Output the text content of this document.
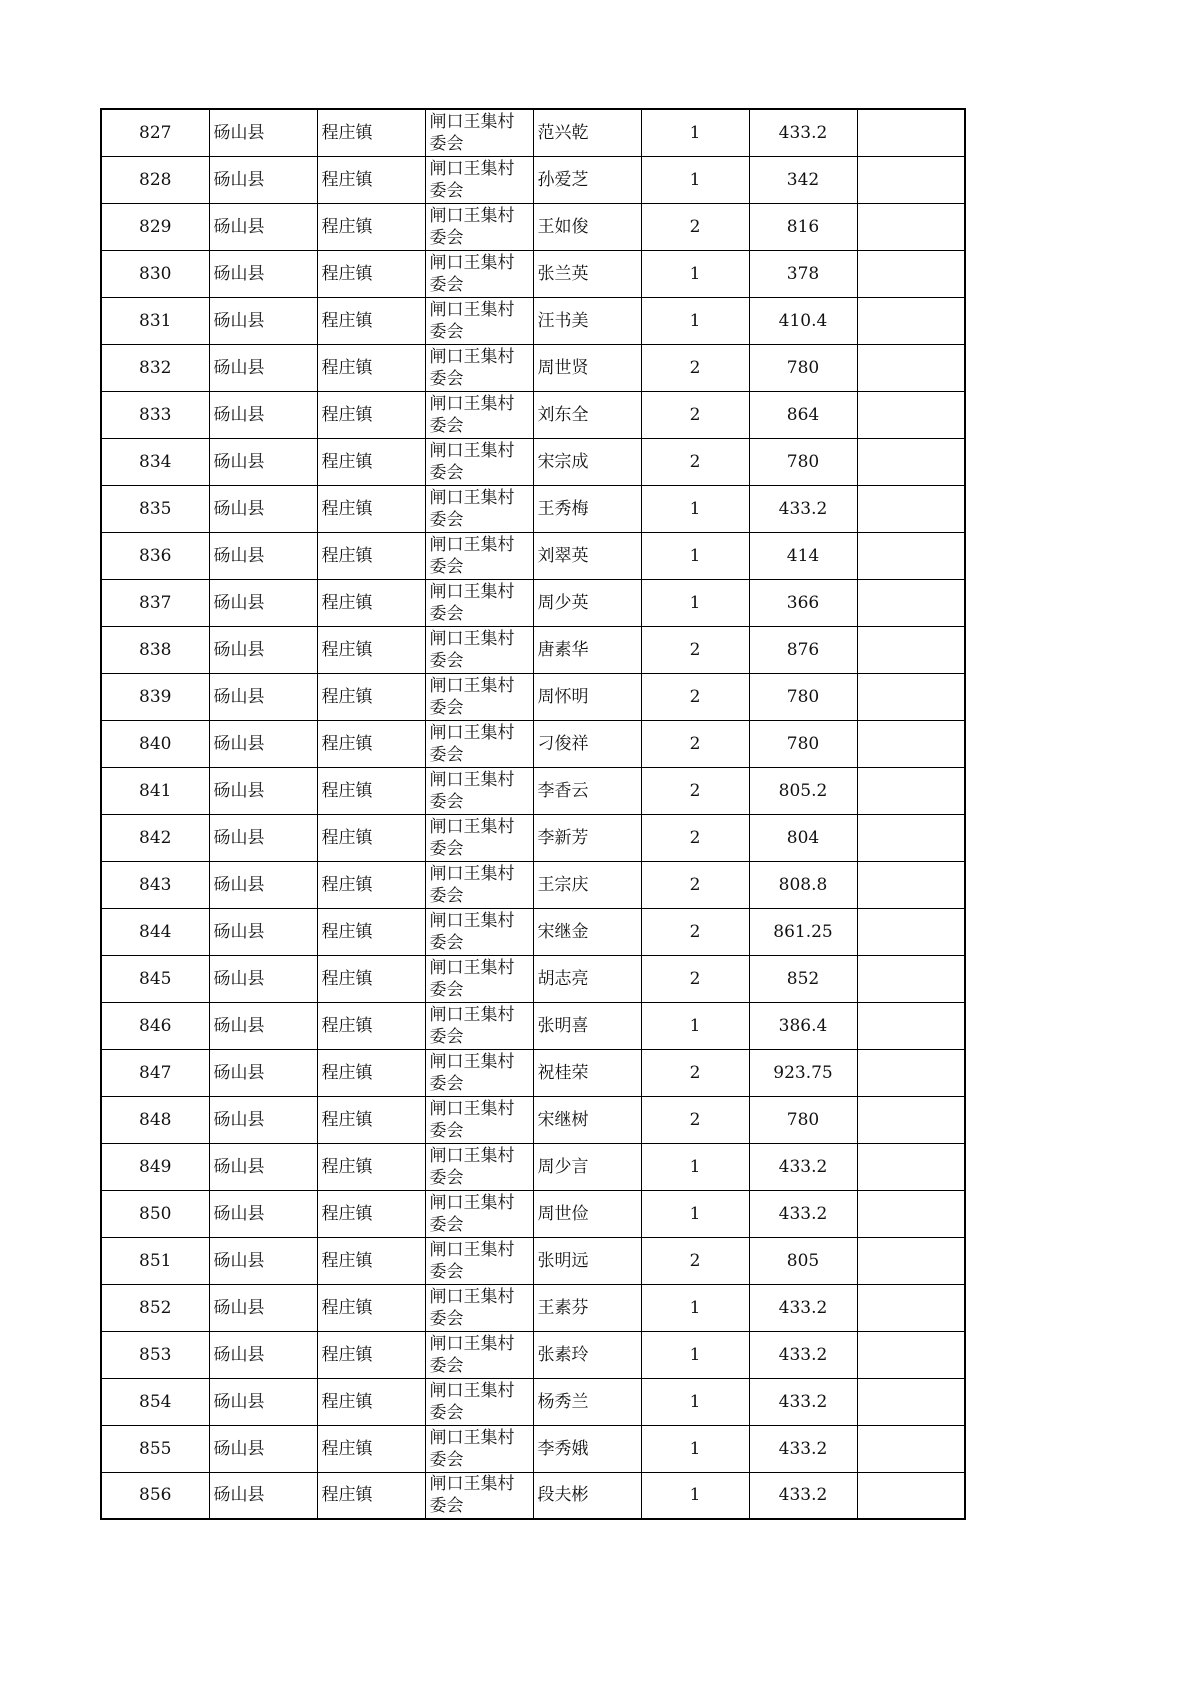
827	砀山县	程庄镇	闸口王集村委会	范兴乾	1	433.2	
828	砀山县	程庄镇	闸口王集村委会	孙爱芝	1	342	
829	砀山县	程庄镇	闸口王集村委会	王如俊	2	816	
830	砀山县	程庄镇	闸口王集村委会	张兰英	1	378	
831	砀山县	程庄镇	闸口王集村委会	汪书美	1	410.4	
832	砀山县	程庄镇	闸口王集村委会	周世贤	2	780	
833	砀山县	程庄镇	闸口王集村委会	刘东全	2	864	
834	砀山县	程庄镇	闸口王集村委会	宋宗成	2	780	
835	砀山县	程庄镇	闸口王集村委会	王秀梅	1	433.2	
836	砀山县	程庄镇	闸口王集村委会	刘翠英	1	414	
837	砀山县	程庄镇	闸口王集村委会	周少英	1	366	
838	砀山县	程庄镇	闸口王集村委会	唐素华	2	876	
839	砀山县	程庄镇	闸口王集村委会	周怀明	2	780	
840	砀山县	程庄镇	闸口王集村委会	刁俊祥	2	780	
841	砀山县	程庄镇	闸口王集村委会	李香云	2	805.2	
842	砀山县	程庄镇	闸口王集村委会	李新芳	2	804	
843	砀山县	程庄镇	闸口王集村委会	王宗庆	2	808.8	
844	砀山县	程庄镇	闸口王集村委会	宋继金	2	861.25	
845	砀山县	程庄镇	闸口王集村委会	胡志亮	2	852	
846	砀山县	程庄镇	闸口王集村委会	张明喜	1	386.4	
847	砀山县	程庄镇	闸口王集村委会	祝桂荣	2	923.75	
848	砀山县	程庄镇	闸口王集村委会	宋继树	2	780	
849	砀山县	程庄镇	闸口王集村委会	周少言	1	433.2	
850	砀山县	程庄镇	闸口王集村委会	周世俭	1	433.2	
851	砀山县	程庄镇	闸口王集村委会	张明远	2	805	
852	砀山县	程庄镇	闸口王集村委会	王素芬	1	433.2	
853	砀山县	程庄镇	闸口王集村委会	张素玲	1	433.2	
854	砀山县	程庄镇	闸口王集村委会	杨秀兰	1	433.2	
855	砀山县	程庄镇	闸口王集村委会	李秀娥	1	433.2	
856	砀山县	程庄镇	闸口王集村委会	段夫彬	1	433.2	
